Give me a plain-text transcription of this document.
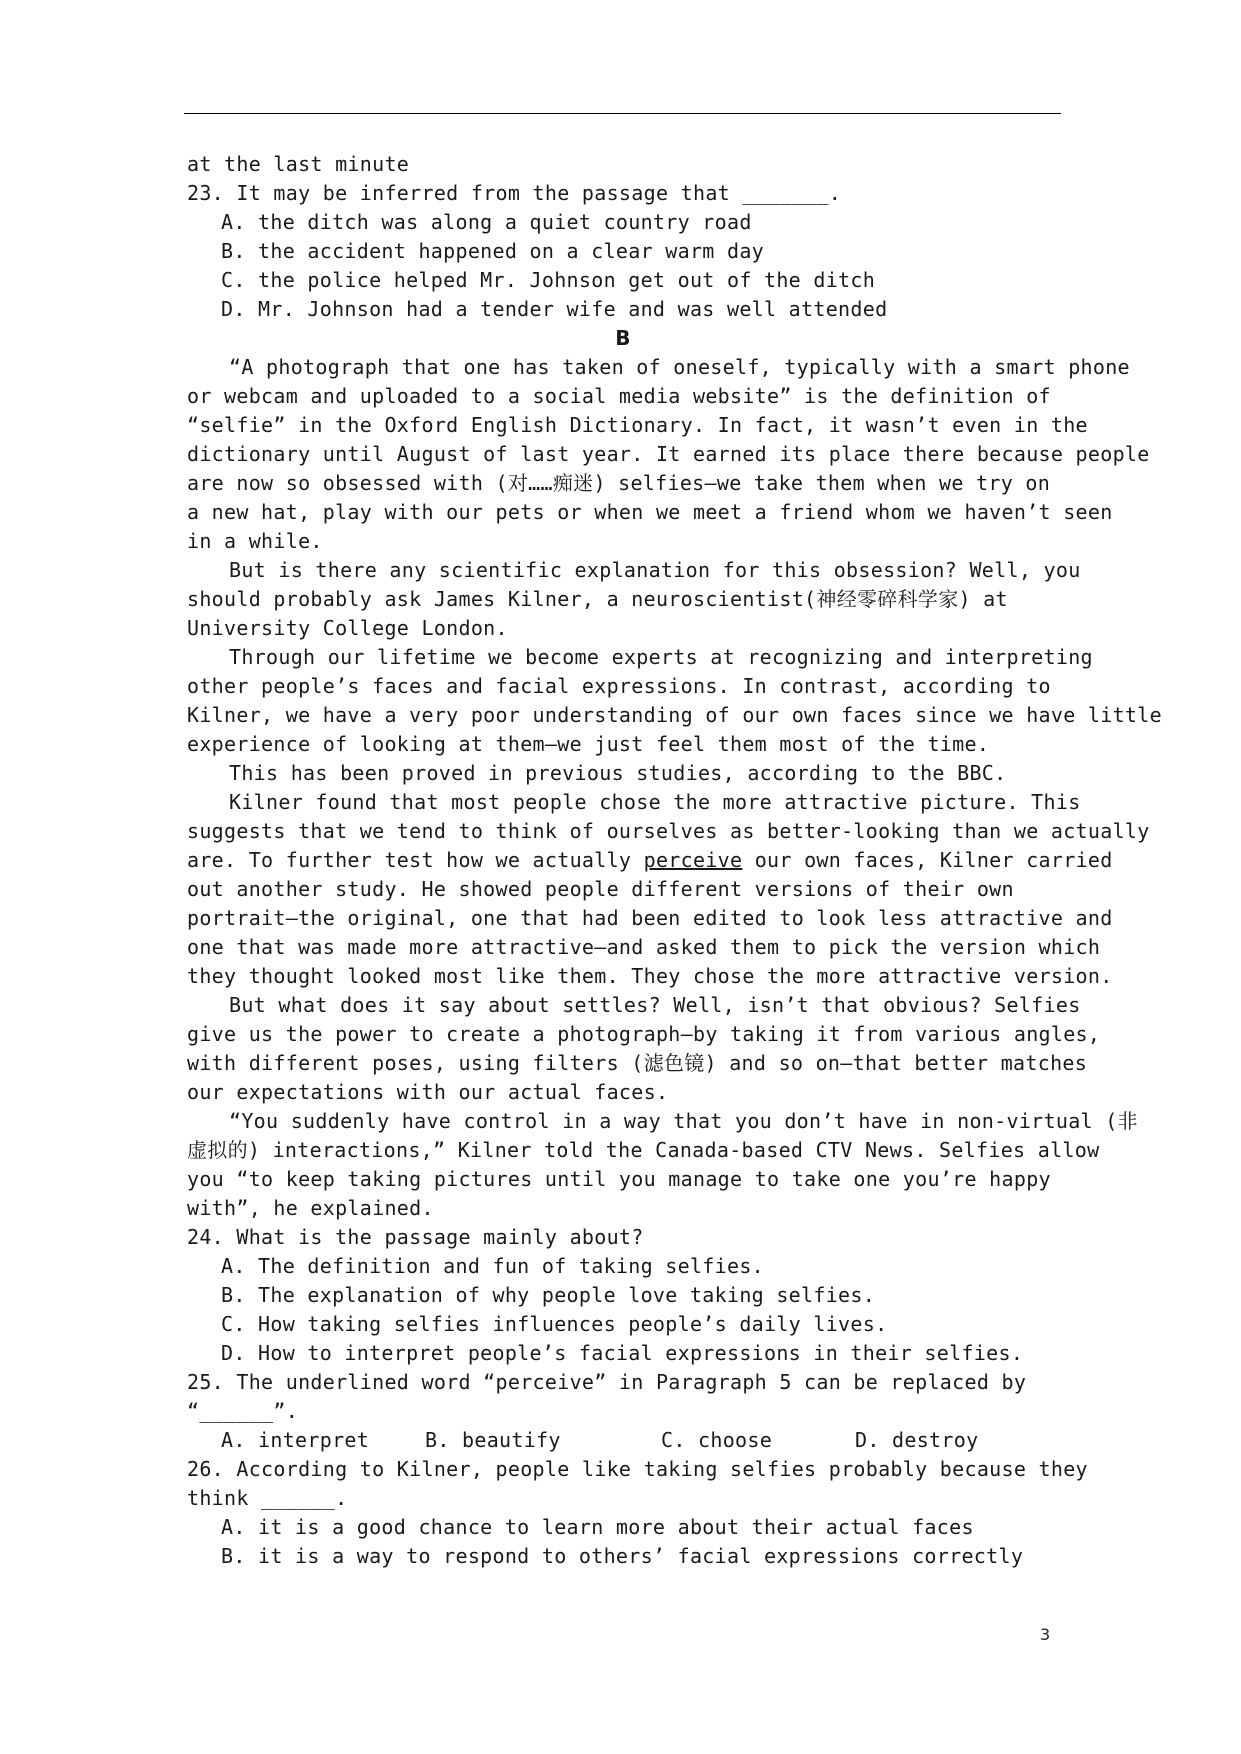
at the last minute
23. It may be inferred from the passage that _______.
A. the ditch was along a quiet country road
B. the accident happened on a clear warm day
C. the police helped Mr. Johnson get out of the ditch
D. Mr. Johnson had a tender wife and was well attended
B
“A photograph that one has taken of oneself, typically with a smart phone
or webcam and uploaded to a social media website” is the definition of
“selfie” in the Oxford English Dictionary. In fact, it wasn’t even in the
dictionary until August of last year. It earned its place there because people
are now so obsessed with (对……痴迷) selfies—we take them when we try on
a new hat, play with our pets or when we meet a friend whom we haven’t seen
in a while.
But is there any scientific explanation for this obsession? Well, you
should probably ask James Kilner, a neuroscientist(神经零碎科学家) at
University College London.
Through our lifetime we become experts at recognizing and interpreting
other people’s faces and facial expressions. In contrast, according to
Kilner, we have a very poor understanding of our own faces since we have little
experience of looking at them—we just feel them most of the time.
This has been proved in previous studies, according to the BBC.
Kilner found that most people chose the more attractive picture. This
suggests that we tend to think of ourselves as better-looking than we actually
are. To further test how we actually perceive our own faces, Kilner carried
out another study. He showed people different versions of their own
portrait—the original, one that had been edited to look less attractive and
one that was made more attractive—and asked them to pick the version which
they thought looked most like them. They chose the more attractive version.
But what does it say about settles? Well, isn’t that obvious? Selfies
give us the power to create a photograph—by taking it from various angles,
with different poses, using filters (滤色镜) and so on—that better matches
our expectations with our actual faces.
“You suddenly have control in a way that you don’t have in non-virtual (非
虚拟的) interactions,” Kilner told the Canada-based CTV News. Selfies allow
you “to keep taking pictures until you manage to take one you’re happy
with”, he explained.
24. What is the passage mainly about?
A. The definition and fun of taking selfies.
B. The explanation of why people love taking selfies.
C. How taking selfies influences people’s daily lives.
D. How to interpret people’s facial expressions in their selfies.
25. The underlined word “perceive” in Paragraph 5 can be replaced by
“______”.
A. interpret	B. beautify	C. choose	D. destroy
26. According to Kilner, people like taking selfies probably because they
think ______.
A. it is a good chance to learn more about their actual faces
B. it is a way to respond to others’ facial expressions correctly
3
